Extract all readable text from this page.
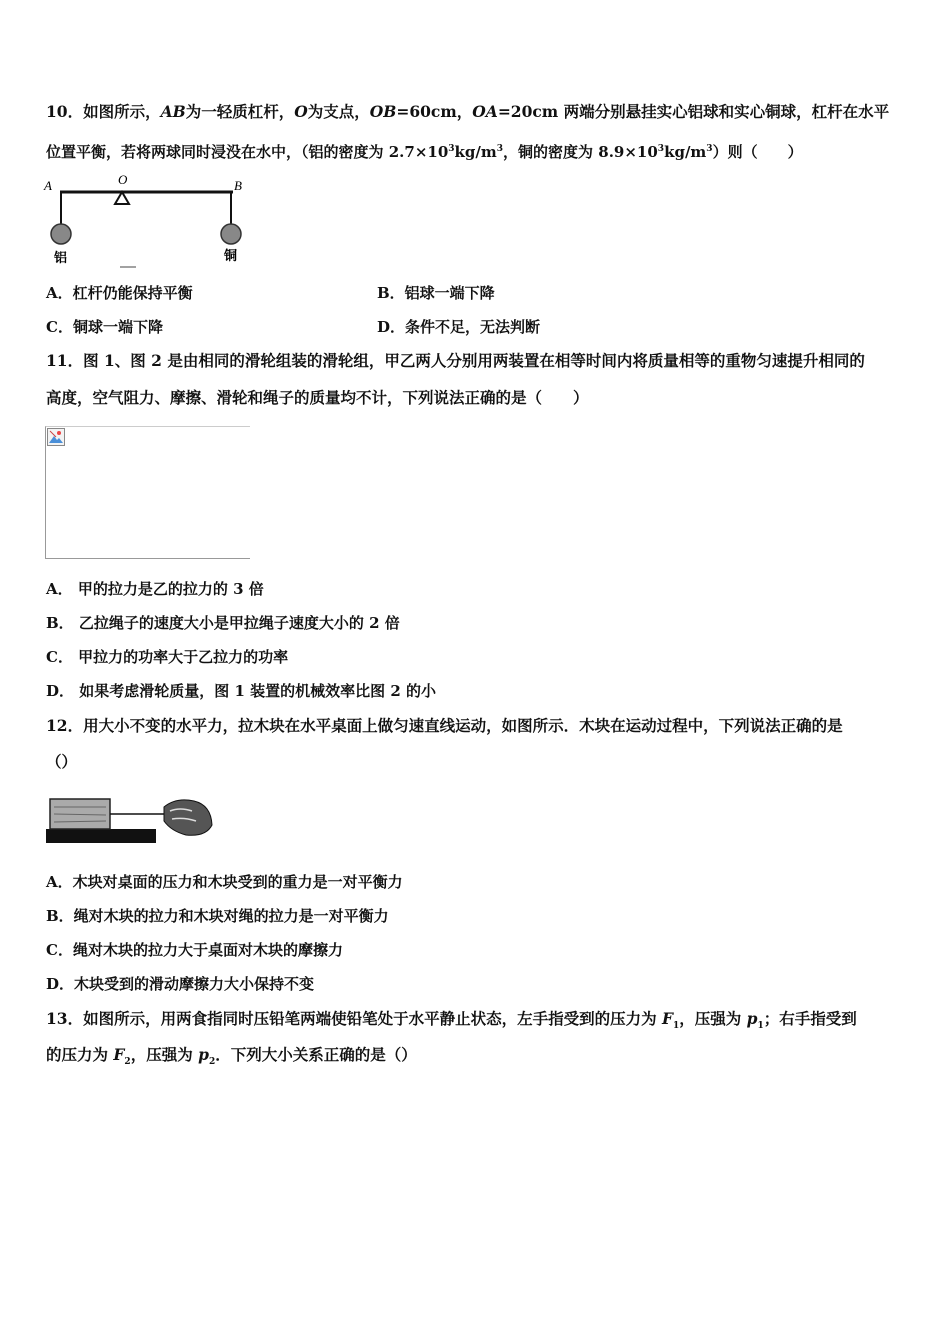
10．如图所示，AB为一轻质杠杆，O为支点，OB=60cm，OA=20cm 两端分别悬挂实心铝球和实心铜球，杠杆在水平
位置平衡，若将两球同时浸没在水中，（铝的密度为 $2.7\times 10^3kg/m^3$，铜的密度为 $8.9\times 10^3kg/m^3$）则（　　）
A	O	B
铝	铜
A．杠杆仍能保持平衡	B．铝球一端下降
C．铜球一端下降	D．条件不足，无法判断
11．图 1、图 2 是由相同的滑轮组装的滑轮组，甲乙两人分别用两装置在相等时间内将质量相等的重物匀速提升相同的
高度，空气阻力、摩擦、滑轮和绳子的质量均不计，下列说法正确的是（　　）
A． 甲的拉力是乙的拉力的 3 倍
B． 乙拉绳子的速度大小是甲拉绳子速度大小的 2 倍
C． 甲拉力的功率大于乙拉力的功率
D． 如果考虑滑轮质量，图 1 装置的机械效率比图 2 的小
12．用大小不变的水平力，拉木块在水平桌面上做匀速直线运动，如图所示．木块在运动过程中，下列说法正确的是
（）
A．木块对桌面的压力和木块受到的重力是一对平衡力
B．绳对木块的拉力和木块对绳的拉力是一对平衡力
C．绳对木块的拉力大于桌面对木块的摩擦力
D．木块受到的滑动摩擦力大小保持不变
13．如图所示，用两食指同时压铅笔两端使铅笔处于水平静止状态，左手指受到的压力为 $F_1$，压强为 $p_1$；右手指受到
的压力为 $F_2$，压强为 $p_2$．下列大小关系正确的是（）
